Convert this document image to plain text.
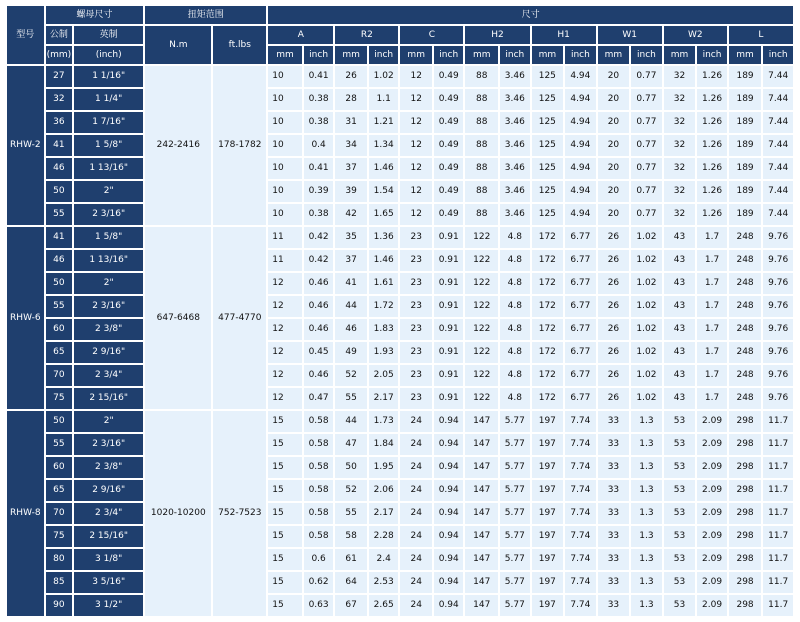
型号	螺母尺寸		扭矩范围		尺寸															
	公制	英制	N.m	ft.lbs	A		R2		C		H2		H1		W1		W2		L	
	(mm)	(inch)			mm	inch	mm	inch	mm	inch	mm	inch	mm	inch	mm	inch	mm	inch	mm	inch
RHW-2	27	1 1/16"	242-2416	178-1782	10	0.41	26	1.02	12	0.49	88	3.46	125	4.94	20	0.77	32	1.26	189	7.44
	32	1 1/4"			10	0.38	28	1.1	12	0.49	88	3.46	125	4.94	20	0.77	32	1.26	189	7.44
	36	1 7/16"			10	0.38	31	1.21	12	0.49	88	3.46	125	4.94	20	0.77	32	1.26	189	7.44
	41	1 5/8"			10	0.4	34	1.34	12	0.49	88	3.46	125	4.94	20	0.77	32	1.26	189	7.44
	46	1 13/16"			10	0.41	37	1.46	12	0.49	88	3.46	125	4.94	20	0.77	32	1.26	189	7.44
	50	2"			10	0.39	39	1.54	12	0.49	88	3.46	125	4.94	20	0.77	32	1.26	189	7.44
	55	2 3/16"			10	0.38	42	1.65	12	0.49	88	3.46	125	4.94	20	0.77	32	1.26	189	7.44
RHW-6	41	1 5/8"	647-6468	477-4770	11	0.42	35	1.36	23	0.91	122	4.8	172	6.77	26	1.02	43	1.7	248	9.76
	46	1 13/16"			11	0.42	37	1.46	23	0.91	122	4.8	172	6.77	26	1.02	43	1.7	248	9.76
	50	2"			12	0.46	41	1.61	23	0.91	122	4.8	172	6.77	26	1.02	43	1.7	248	9.76
	55	2 3/16"			12	0.46	44	1.72	23	0.91	122	4.8	172	6.77	26	1.02	43	1.7	248	9.76
	60	2 3/8"			12	0.46	46	1.83	23	0.91	122	4.8	172	6.77	26	1.02	43	1.7	248	9.76
	65	2 9/16"			12	0.45	49	1.93	23	0.91	122	4.8	172	6.77	26	1.02	43	1.7	248	9.76
	70	2 3/4"			12	0.46	52	2.05	23	0.91	122	4.8	172	6.77	26	1.02	43	1.7	248	9.76
	75	2 15/16"			12	0.47	55	2.17	23	0.91	122	4.8	172	6.77	26	1.02	43	1.7	248	9.76
RHW-8	50	2"	1020-10200	752-7523	15	0.58	44	1.73	24	0.94	147	5.77	197	7.74	33	1.3	53	2.09	298	11.7
	55	2 3/16"			15	0.58	47	1.84	24	0.94	147	5.77	197	7.74	33	1.3	53	2.09	298	11.7
	60	2 3/8"			15	0.58	50	1.95	24	0.94	147	5.77	197	7.74	33	1.3	53	2.09	298	11.7
	65	2 9/16"			15	0.58	52	2.06	24	0.94	147	5.77	197	7.74	33	1.3	53	2.09	298	11.7
	70	2 3/4"			15	0.58	55	2.17	24	0.94	147	5.77	197	7.74	33	1.3	53	2.09	298	11.7
	75	2 15/16"			15	0.58	58	2.28	24	0.94	147	5.77	197	7.74	33	1.3	53	2.09	298	11.7
	80	3 1/8"			15	0.6	61	2.4	24	0.94	147	5.77	197	7.74	33	1.3	53	2.09	298	11.7
	85	3 5/16"			15	0.62	64	2.53	24	0.94	147	5.77	197	7.74	33	1.3	53	2.09	298	11.7
	90	3 1/2"			15	0.63	67	2.65	24	0.94	147	5.77	197	7.74	33	1.3	53	2.09	298	11.7
